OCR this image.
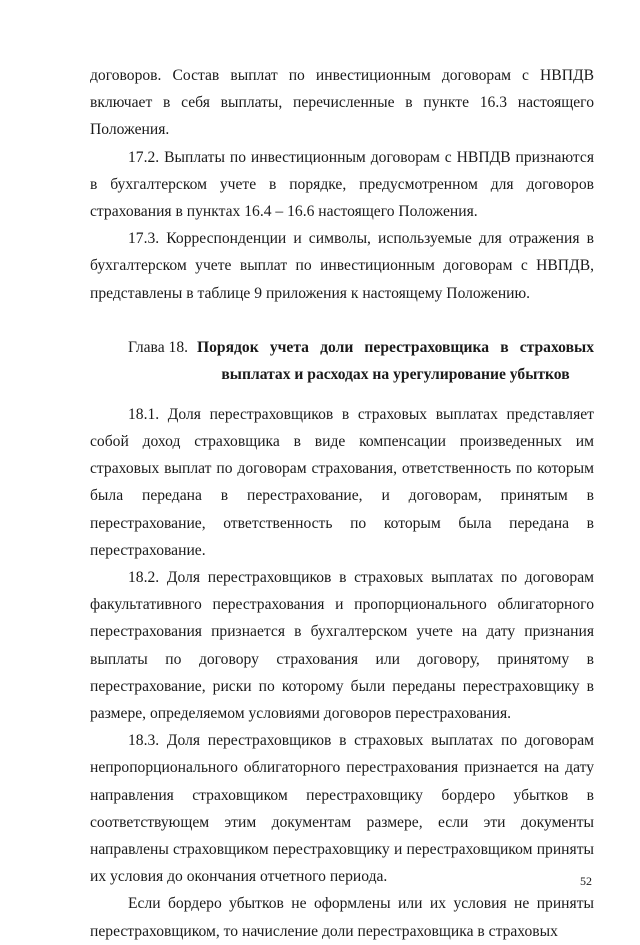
договоров. Состав выплат по инвестиционным договорам с НВПДВ включает в себя выплаты, перечисленные в пункте 16.3 настоящего Положения.

17.2. Выплаты по инвестиционным договорам с НВПДВ признаются в бухгалтерском учете в порядке, предусмотренном для договоров страхования в пунктах 16.4 – 16.6 настоящего Положения.

17.3. Корреспонденции и символы, используемые для отражения в бухгалтерском учете выплат по инвестиционным договорам с НВПДВ, представлены в таблице 9 приложения к настоящему Положению.

Глава 18. Порядок учета доли перестраховщика в страховых выплатах и расходах на урегулирование убытков

18.1. Доля перестраховщиков в страховых выплатах представляет собой доход страховщика в виде компенсации произведенных им страховых выплат по договорам страхования, ответственность по которым была передана в перестрахование, и договорам, принятым в перестрахование, ответственность по которым была передана в перестрахование.

18.2. Доля перестраховщиков в страховых выплатах по договорам факультативного перестрахования и пропорционального облигаторного перестрахования признается в бухгалтерском учете на дату признания выплаты по договору страхования или договору, принятому в перестрахование, риски по которому были переданы перестраховщику в размере, определяемом условиями договоров перестрахования.

18.3. Доля перестраховщиков в страховых выплатах по договорам непропорционального облигаторного перестрахования признается на дату направления страховщиком перестраховщику бордеро убытков в соответствующем этим документам размере, если эти документы направлены страховщиком перестраховщику и перестраховщиком приняты их условия до окончания отчетного периода.

Если бордеро убытков не оформлены или их условия не приняты перестраховщиком, то начисление доли перестраховщика в страховых

52
